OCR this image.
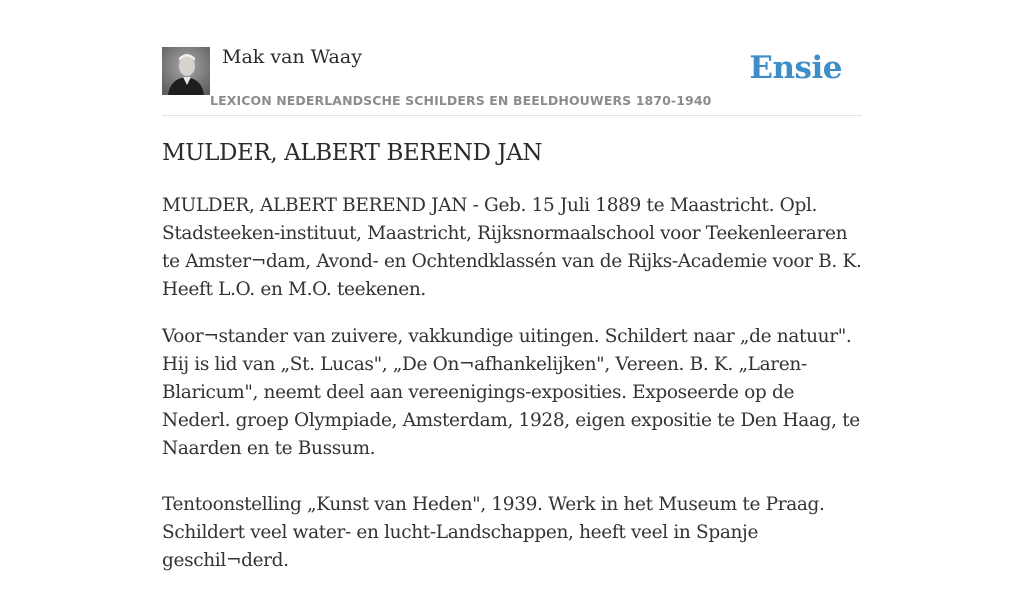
Mak van Waay
LEXICON NEDERLANDSCHE SCHILDERS EN BEELDHOUWERS 1870-1940
Ensie
MULDER, ALBERT BEREND JAN

MULDER, ALBERT BEREND JAN - Geb. 15 Juli 1889 te Maastricht. Opl. Stadsteeken-instituut, Maastricht, Rijksnormaalschool voor Teekenleeraren te Amster¬dam, Avond- en Ochtendklassén van de Rijks-Academie voor B. K. Heeft L.O. en M.O. teekenen.

Voor¬stander van zuivere, vakkundige uitingen. Schildert naar „de natuur". Hij is lid van „St. Lucas", „De On¬afhankelijken", Vereen. B. K. „Laren-Blaricum", neemt deel aan vereenigings-exposities. Exposeerde op de Nederl. groep Olympiade, Amsterdam, 1928, eigen expositie te Den Haag, te Naarden en te Bussum.

Tentoonstelling „Kunst van Heden", 1939. Werk in het Museum te Praag. Schildert veel water- en lucht-Landschappen, heeft veel in Spanje geschil¬derd.
